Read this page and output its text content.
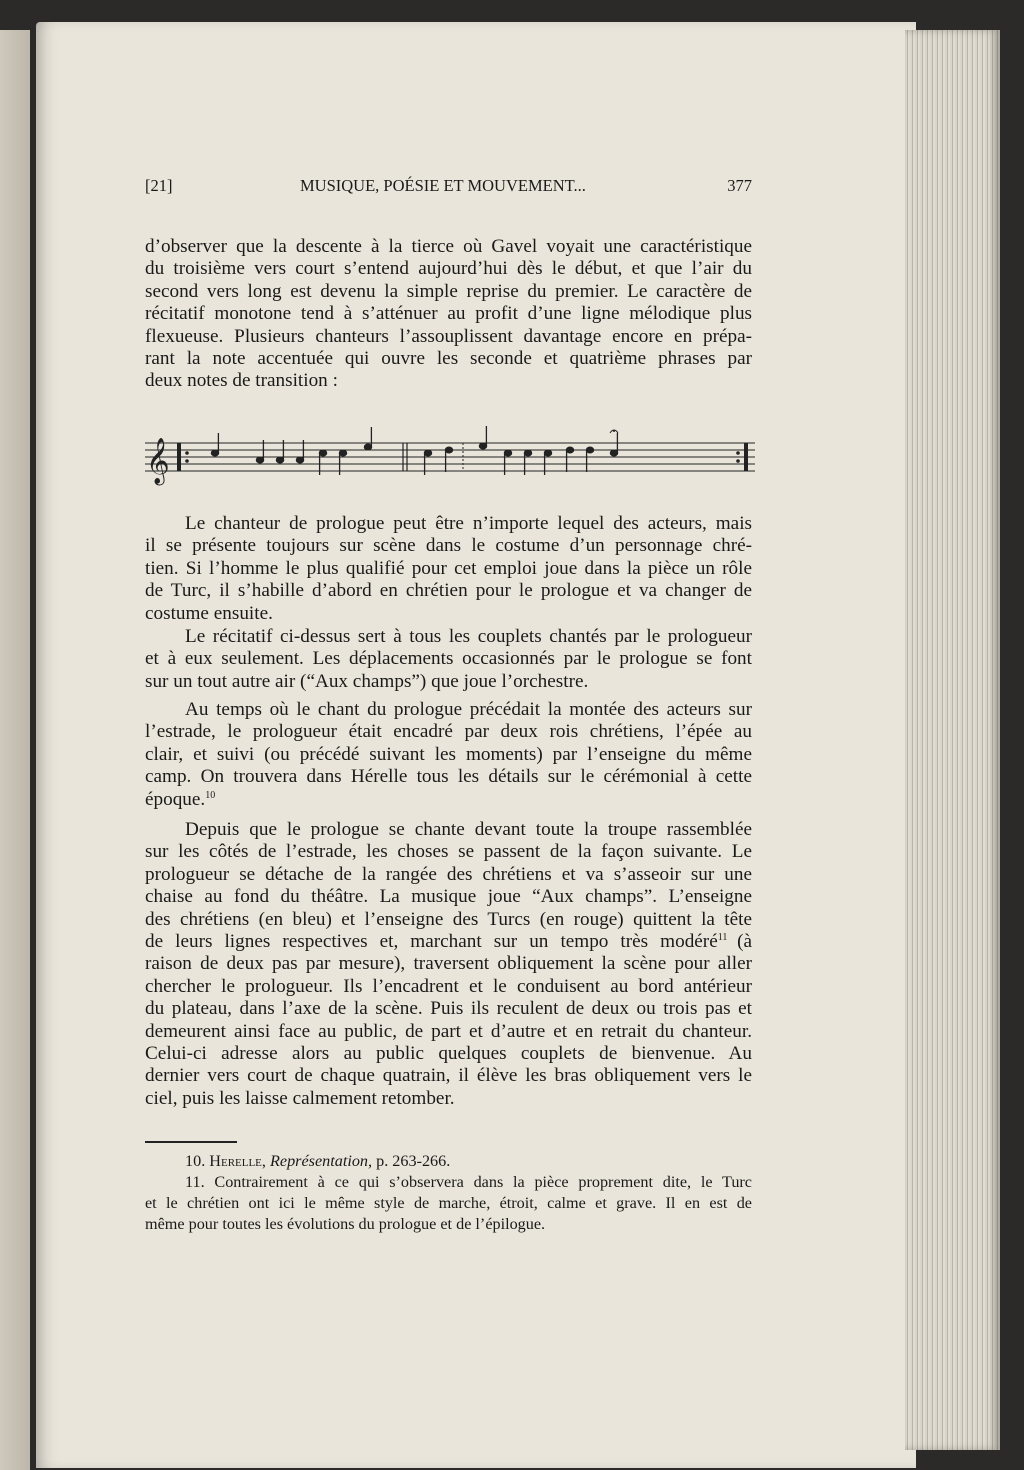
[21]	MUSIQUE, POÉSIE ET MOUVEMENT...	377
d’observer que la descente à la tierce où Gavel voyait une caractéristique
du troisième vers court s’entend aujourd’hui dès le début, et que l’air du
second vers long est devenu la simple reprise du premier. Le caractère de
récitatif monotone tend à s’atténuer au profit d’une ligne mélodique plus
flexueuse. Plusieurs chanteurs l’assouplissent davantage encore en prépa-
rant la note accentuée qui ouvre les seconde et quatrième phrases par
deux notes de transition :
𝄞
Le chanteur de prologue peut être n’importe lequel des acteurs, mais
il se présente toujours sur scène dans le costume d’un personnage chré-
tien. Si l’homme le plus qualifié pour cet emploi joue dans la pièce un rôle
de Turc, il s’habille d’abord en chrétien pour le prologue et va changer de
costume ensuite.
Le récitatif ci-dessus sert à tous les couplets chantés par le prologueur
et à eux seulement. Les déplacements occasionnés par le prologue se font
sur un tout autre air (“Aux champs”) que joue l’orchestre.
Au temps où le chant du prologue précédait la montée des acteurs sur
l’estrade, le prologueur était encadré par deux rois chrétiens, l’épée au
clair, et suivi (ou précédé suivant les moments) par l’enseigne du même
camp. On trouvera dans Hérelle tous les détails sur le cérémonial à cette
époque.$^{10}$
Depuis que le prologue se chante devant toute la troupe rassemblée
sur les côtés de l’estrade, les choses se passent de la façon suivante. Le
prologueur se détache de la rangée des chrétiens et va s’asseoir sur une
chaise au fond du théâtre. La musique joue “Aux champs”. L’enseigne
des chrétiens (en bleu) et l’enseigne des Turcs (en rouge) quittent la tête
de leurs lignes respectives et, marchant sur un tempo très modéré$^{11}$ (à
raison de deux pas par mesure), traversent obliquement la scène pour aller
chercher le prologueur. Ils l’encadrent et le conduisent au bord antérieur
du plateau, dans l’axe de la scène. Puis ils reculent de deux ou trois pas et
demeurent ainsi face au public, de part et d’autre et en retrait du chanteur.
Celui-ci adresse alors au public quelques couplets de bienvenue. Au
dernier vers court de chaque quatrain, il élève les bras obliquement vers le
ciel, puis les laisse calmement retomber.
10. Herelle, Représentation, p. 263-266.
11. Contrairement à ce qui s’observera dans la pièce proprement dite, le Turc
et le chrétien ont ici le même style de marche, étroit, calme et grave. Il en est de
même pour toutes les évolutions du prologue et de l’épilogue.
